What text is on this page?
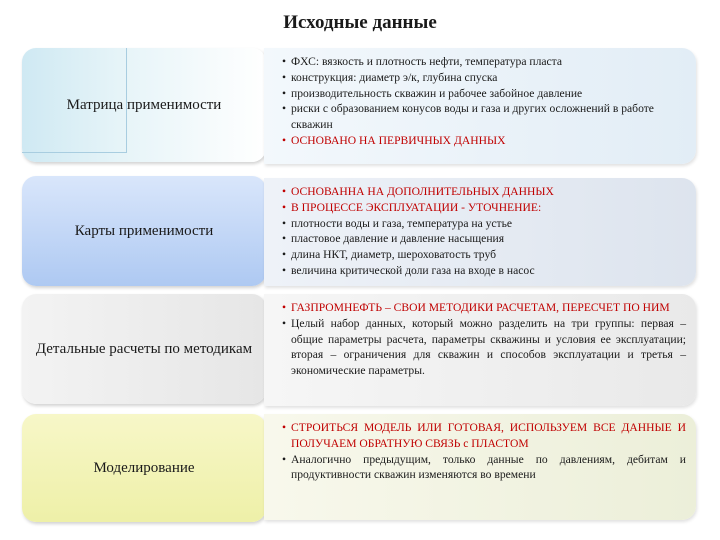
Исходные данные
Матрица применимости
• ФХС: вязкость и плотность нефти, температура пласта
• конструкция: диаметр э/к, глубина спуска
• производительность скважин и рабочее забойное давление
• риски с образованием конусов воды и газа и других осложнений в работе скважин
• ОСНОВАНО НА ПЕРВИЧНЫХ ДАННЫХ
Карты применимости
• ОСНОВАННА НА ДОПОЛНИТЕЛЬНЫХ ДАННЫХ
• В ПРОЦЕССЕ ЭКСПЛУАТАЦИИ - УТОЧНЕНИЕ:
• плотности воды и газа, температура на устье
• пластовое давление и давление насыщения
• длина НКТ, диаметр, шероховатость труб
• величина критической доли газа на входе в насос
Детальные расчеты по методикам
• ГАЗПРОМНЕФТЬ – СВОИ МЕТОДИКИ РАСЧЕТАМ, ПЕРЕСЧЕТ ПО НИМ
• Целый набор данных, который можно разделить на три группы: первая – общие параметры расчета, параметры скважины и условия ее эксплуатации; вторая – ограничения для скважин и способов эксплуатации и третья – экономические параметры.
Моделирование
• СТРОИТЬСЯ МОДЕЛЬ ИЛИ ГОТОВАЯ, ИСПОЛЬЗУЕМ ВСЕ ДАННЫЕ И ПОЛУЧАЕМ ОБРАТНУЮ СВЯЗЬ с ПЛАСТОМ
• Аналогично предыдущим, только данные по давлениям, дебитам и продуктивности скважин изменяются во времени
